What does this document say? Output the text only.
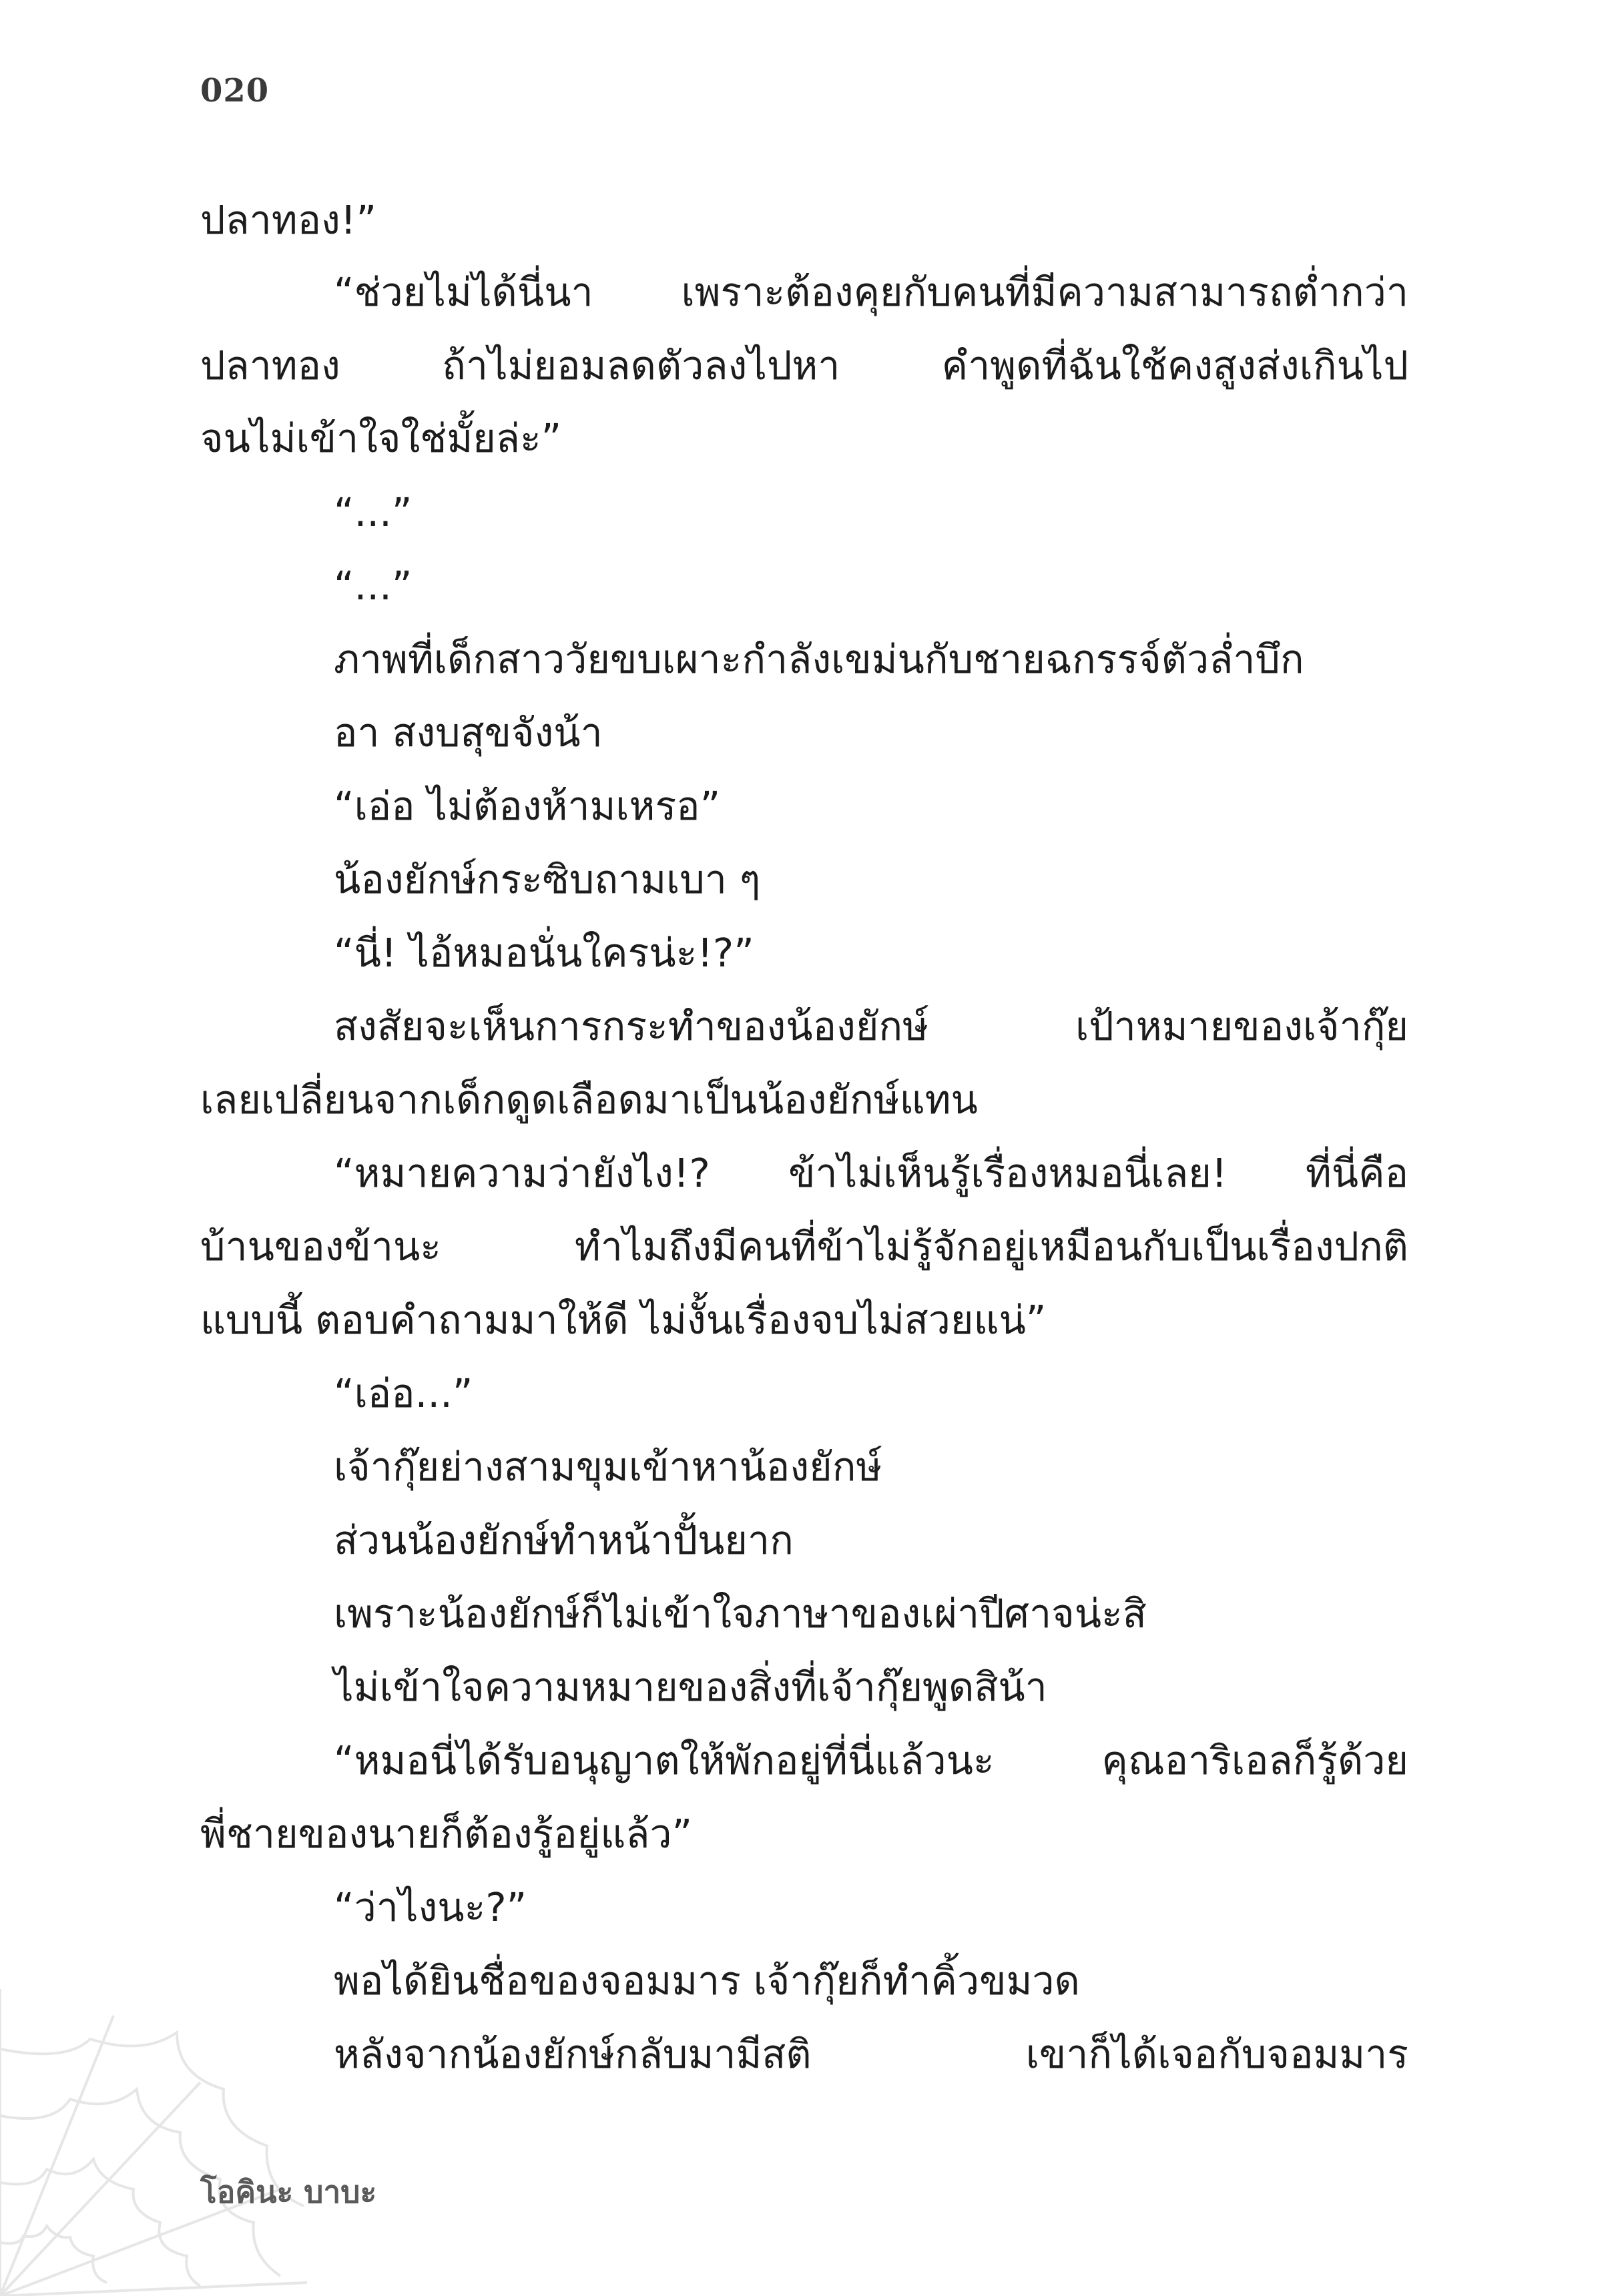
020
ปลาทอง!”
“ช่วยไม่ได้นี่นา เพราะต้องคุยกับคนที่มีความสามารถต่ำกว่า
ปลาทอง ถ้าไม่ยอมลดตัวลงไปหา คำพูดที่ฉันใช้คงสูงส่งเกินไป
จนไม่เข้าใจใช่มั้ยล่ะ”
“...”
“...”
ภาพที่เด็กสาววัยขบเผาะกำลังเขม่นกับชายฉกรรจ์ตัวล่ำบึก
อา สงบสุขจังน้า
“เอ่อ ไม่ต้องห้ามเหรอ”
น้องยักษ์กระซิบถามเบา ๆ
“นี่! ไอ้หมอนั่นใครน่ะ!?”
สงสัยจะเห็นการกระทำของน้องยักษ์ เป้าหมายของเจ้ากุ๊ย
เลยเปลี่ยนจากเด็กดูดเลือดมาเป็นน้องยักษ์แทน
“หมายความว่ายังไง!? ข้าไม่เห็นรู้เรื่องหมอนี่เลย! ที่นี่คือ
บ้านของข้านะ ทำไมถึงมีคนที่ข้าไม่รู้จักอยู่เหมือนกับเป็นเรื่องปกติ
แบบนี้ ตอบคำถามมาให้ดี ไม่งั้นเรื่องจบไม่สวยแน่”
“เอ่อ...”
เจ้ากุ๊ยย่างสามขุมเข้าหาน้องยักษ์
ส่วนน้องยักษ์ทำหน้าปั้นยาก
เพราะน้องยักษ์ก็ไม่เข้าใจภาษาของเผ่าปีศาจน่ะสิ
ไม่เข้าใจความหมายของสิ่งที่เจ้ากุ๊ยพูดสิน้า
“หมอนี่ได้รับอนุญาตให้พักอยู่ที่นี่แล้วนะ คุณอาริเอลก็รู้ด้วย
พี่ชายของนายก็ต้องรู้อยู่แล้ว”
“ว่าไงนะ?”
พอได้ยินชื่อของจอมมาร เจ้ากุ๊ยก็ทำคิ้วขมวด
หลังจากน้องยักษ์กลับมามีสติ เขาก็ได้เจอกับจอมมาร
โอคินะ บาบะ
